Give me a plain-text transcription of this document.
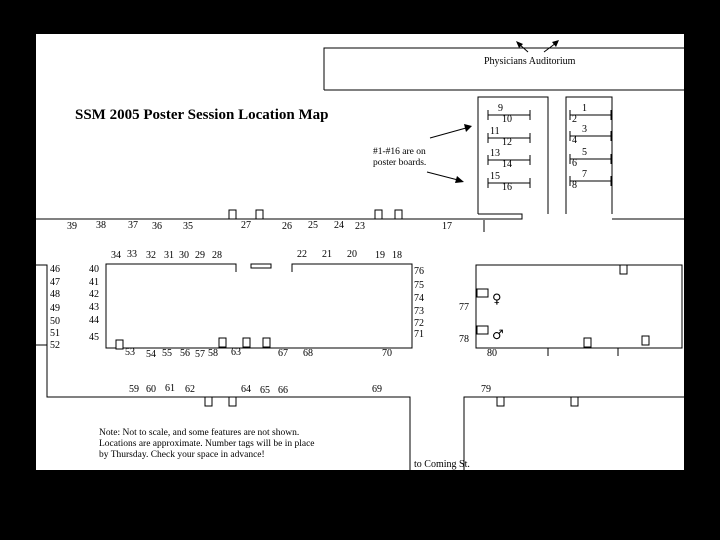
SSM 2005 Poster Session Location Map
Physicians Auditorium
9
10
11
12
13
14
15
16
1
2
3
4
5
6
7
8
#1-#16 are on
poster boards.
♀
♂
39 38 37 36 35	27	26 25 24 23	17
34 33 32 31 30 29 28	22 21 20 19 18
46
47
48
49
50
51
52
40
41
42
43
44
45
53 54 55 56 57 58 63	67 68	70
76
75
74
73
72
71
77
78
80
59 60 61 62	64 65 66	69	79
Note: Not to scale, and some features are not shown.
Locations are approximate. Number tags will be in place
by Thursday. Check your space in advance!
to Coming St.
